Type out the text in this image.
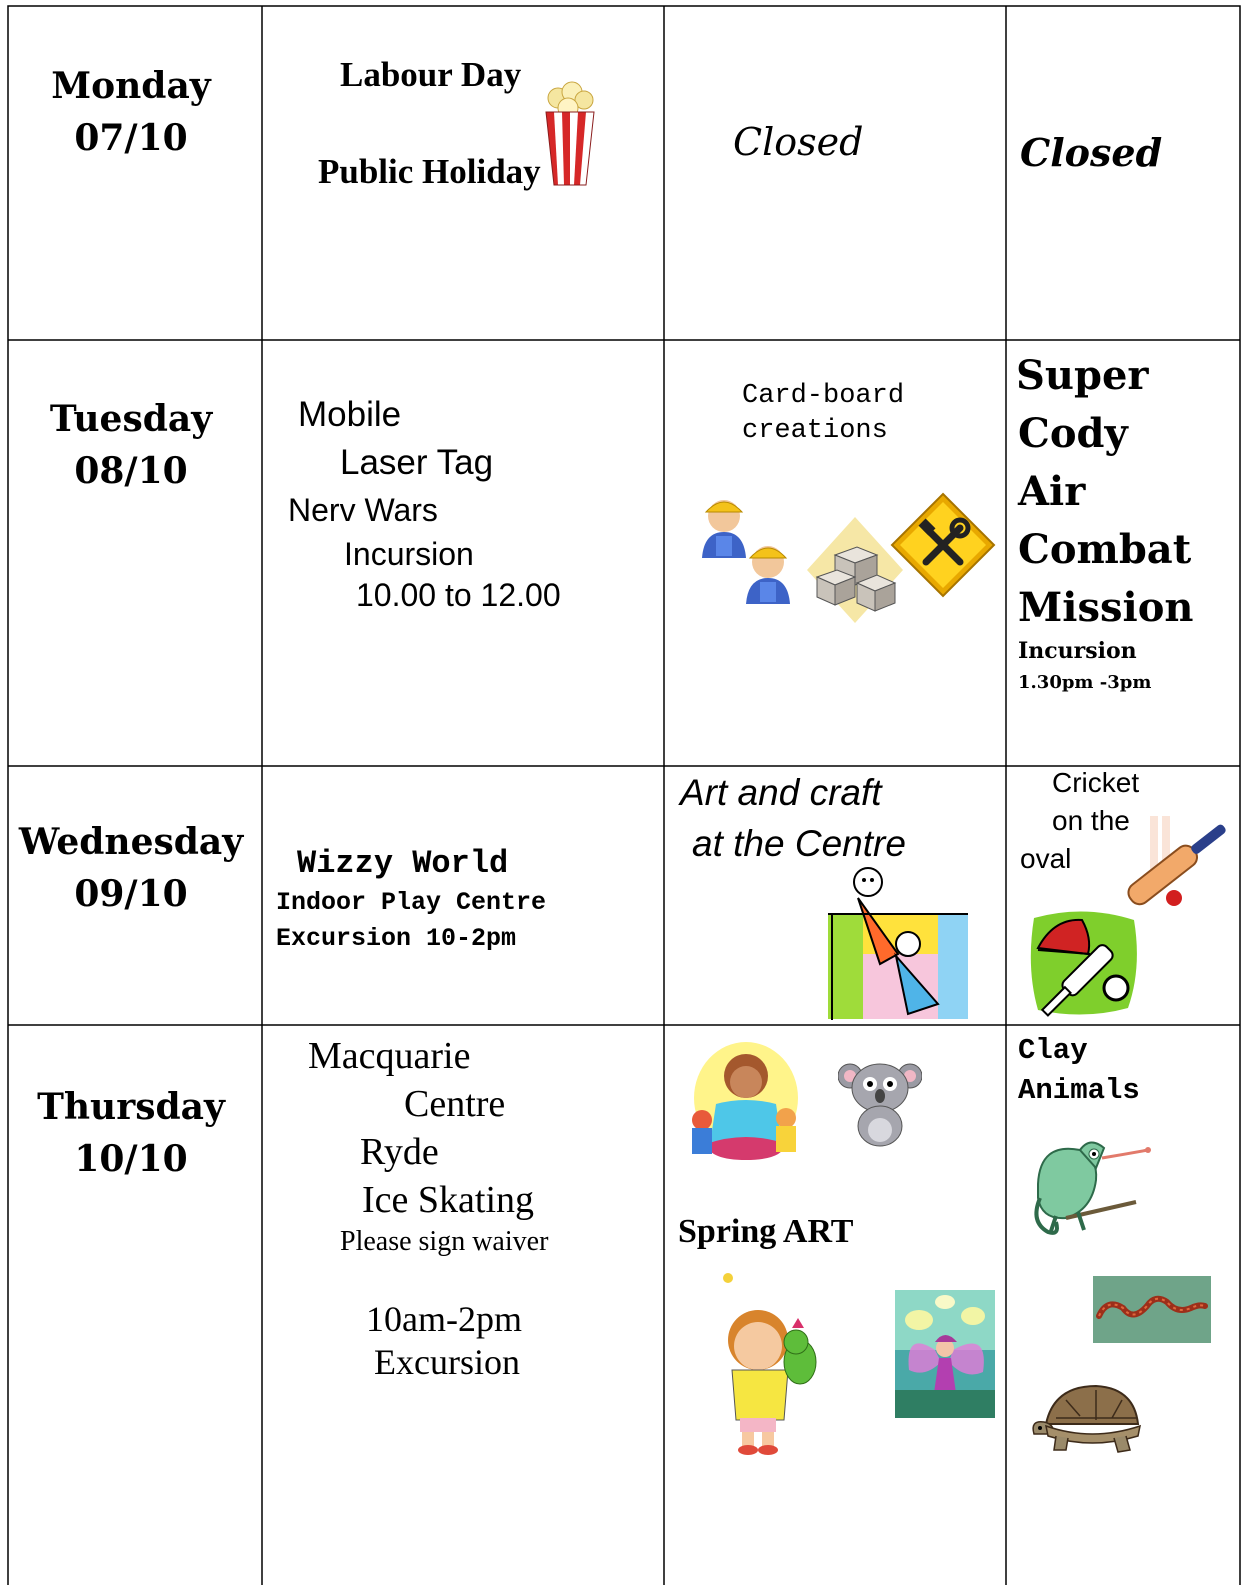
Monday
07/10
Labour Day
Public Holiday
Closed	Closed
Tuesday
08/10
Mobile
Laser Tag
Nerv Wars
Incursion
10.00 to 12.00
Card-board
creations
Super
Cody
Air
Combat
Mission
Incursion
1.30pm -3pm
Wednesday
09/10
Wizzy World
Indoor Play Centre
Excursion 10-2pm
Art and craft
at the Centre
Cricket
on the
oval
Thursday
10/10
Macquarie
Centre
Ryde
Ice Skating
Please sign waiver
10am-2pm
Excursion
Spring ART
Clay
Animals
